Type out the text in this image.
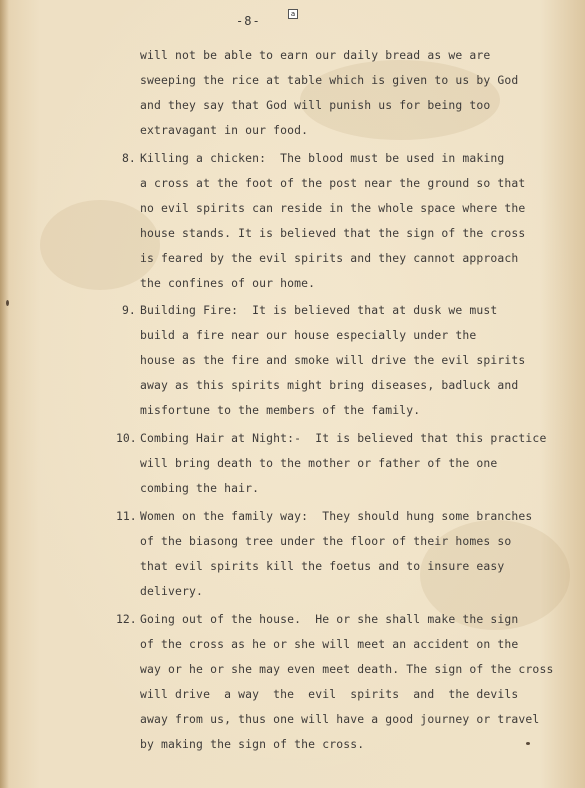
-8-	a
will not be able to earn our daily bread as we are
sweeping the rice at table which is given to us by God
and they say that God will punish us for being too
extravagant in our food.
8. Killing a chicken:  The blood must be used in making
a cross at the foot of the post near the ground so that
no evil spirits can reside in the whole space where the
house stands. It is believed that the sign of the cross
is feared by the evil spirits and they cannot approach
the confines of our home.
9. Building Fire:  It is believed that at dusk we must
build a fire near our house especially under the
house as the fire and smoke will drive the evil spirits
away as this spirits might bring diseases, badluck and
misfortune to the members of the family.
10. Combing Hair at Night:-  It is believed that this practice
will bring death to the mother or father of the one
combing the hair.
11. Women on the family way:  They should hung some branches
of the biasong tree under the floor of their homes so
that evil spirits kill the foetus and to insure easy
delivery.
12. Going out of the house.  He or she shall make the sign
of the cross as he or she will meet an accident on the
way or he or she may even meet death. The sign of the cross
will drive  a way  the  evil  spirits  and  the devils
away from us, thus one will have a good journey or travel
by making the sign of the cross.
